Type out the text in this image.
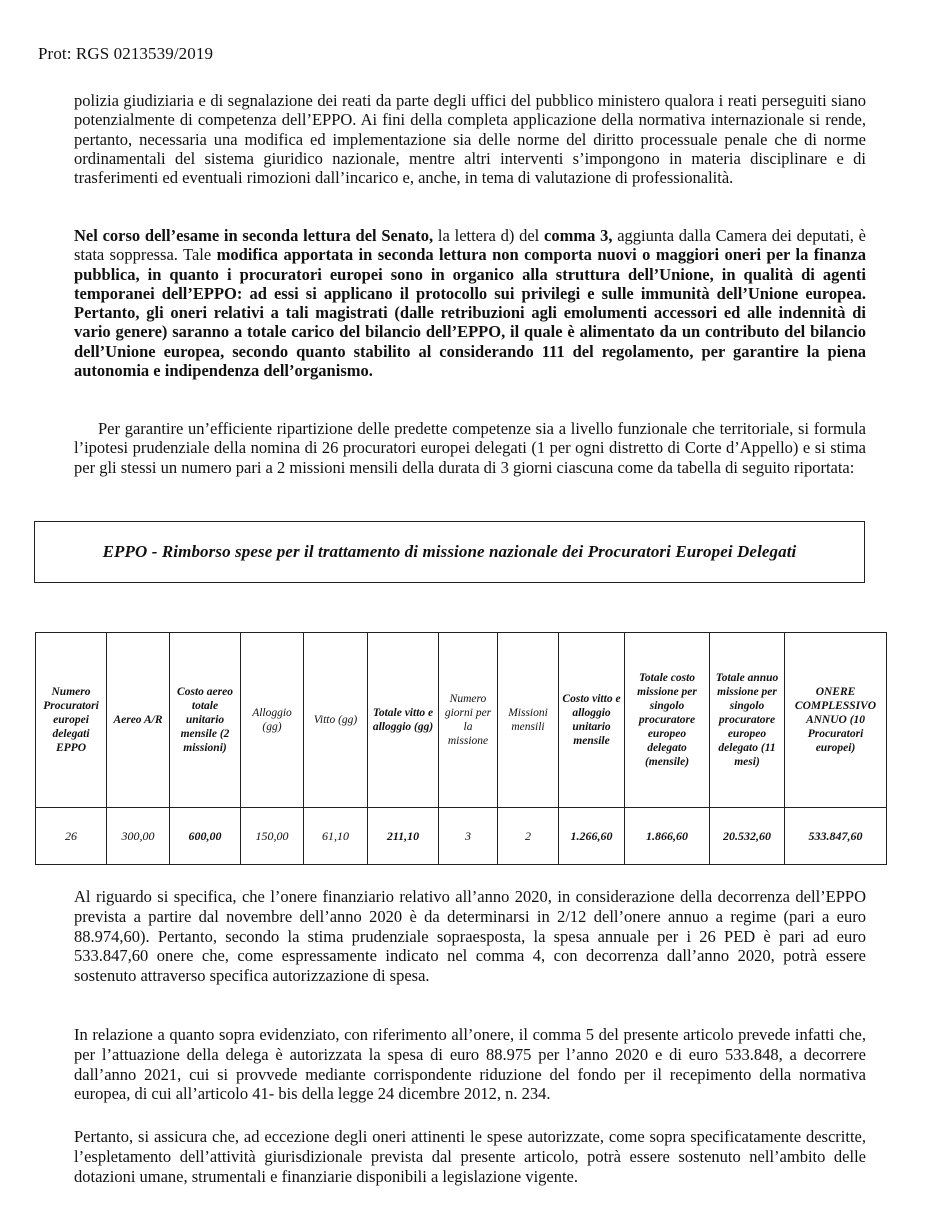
Prot: RGS 0213539/2019

polizia giudiziaria e di segnalazione dei reati da parte degli uffici del pubblico ministero qualora i reati perseguiti siano potenzialmente di competenza dell’EPPO. Ai fini della completa applicazione della normativa internazionale si rende, pertanto, necessaria una modifica ed implementazione sia delle norme del diritto processuale penale che di norme ordinamentali del sistema giuridico nazionale, mentre altri interventi s’impongono in materia disciplinare e di trasferimenti ed eventuali rimozioni dall’incarico e, anche, in tema di valutazione di professionalità.

Nel corso dell’esame in seconda lettura del Senato, la lettera d) del comma 3, aggiunta dalla Camera dei deputati, è stata soppressa. Tale modifica apportata in seconda lettura non comporta nuovi o maggiori oneri per la finanza pubblica, in quanto i procuratori europei sono in organico alla struttura dell’Unione, in qualità di agenti temporanei dell’EPPO: ad essi si applicano il protocollo sui privilegi e sulle immunità dell’Unione europea. Pertanto, gli oneri relativi a tali magistrati (dalle retribuzioni agli emolumenti accessori ed alle indennità di vario genere) saranno a totale carico del bilancio dell’EPPO, il quale è alimentato da un contributo del bilancio dell’Unione europea, secondo quanto stabilito al considerando 111 del regolamento, per garantire la piena autonomia e indipendenza dell’organismo.

Per garantire un’efficiente ripartizione delle predette competenze sia a livello funzionale che territoriale, si formula l’ipotesi prudenziale della nomina di 26 procuratori europei delegati (1 per ogni distretto di Corte d’Appello) e si stima per gli stessi un numero pari a 2 missioni mensili della durata di 3 giorni ciascuna come da tabella di seguito riportata:

EPPO - Rimborso spese per il trattamento di missione nazionale dei Procuratori Europei Delegati
Numero Procuratori europei delegati EPPO	Aereo A/R	Costo aereo totale unitario mensile (2 missioni)	Alloggio (gg)	Vitto (gg)	Totale vitto e alloggio (gg)	Numero giorni per la missione	Missioni mensili	Costo vitto e alloggio unitario mensile	Totale costo missione per singolo procuratore europeo delegato (mensile)	Totale annuo missione per singolo procuratore europeo delegato (11 mesi)	ONERE COMPLESSIVO ANNUO (10 Procuratori europei)
26	300,00	600,00	150,00	61,10	211,10	3	2	1.266,60	1.866,60	20.532,60	533.847,60

Al riguardo si specifica, che l’onere finanziario relativo all’anno 2020, in considerazione della decorrenza dell’EPPO prevista a partire dal novembre dell’anno 2020 è da determinarsi in 2/12 dell’onere annuo a regime (pari a euro 88.974,60). Pertanto, secondo la stima prudenziale sopraesposta, la spesa annuale per i 26 PED è pari ad euro 533.847,60 onere che, come espressamente indicato nel comma 4, con decorrenza dall’anno 2020, potrà essere sostenuto attraverso specifica autorizzazione di spesa.

In relazione a quanto sopra evidenziato, con riferimento all’onere, il comma 5 del presente articolo prevede infatti che, per l’attuazione della delega è autorizzata la spesa di euro 88.975 per l’anno 2020 e di euro 533.848, a decorrere dall’anno 2021, cui si provvede mediante corrispondente riduzione del fondo per il recepimento della normativa europea, di cui all’articolo 41- bis della legge 24 dicembre 2012, n. 234.

Pertanto, si assicura che, ad eccezione degli oneri attinenti le spese autorizzate, come sopra specificatamente descritte, l’espletamento dell’attività giurisdizionale prevista dal presente articolo, potrà essere sostenuto nell’ambito delle dotazioni umane, strumentali e finanziarie disponibili a legislazione vigente.
